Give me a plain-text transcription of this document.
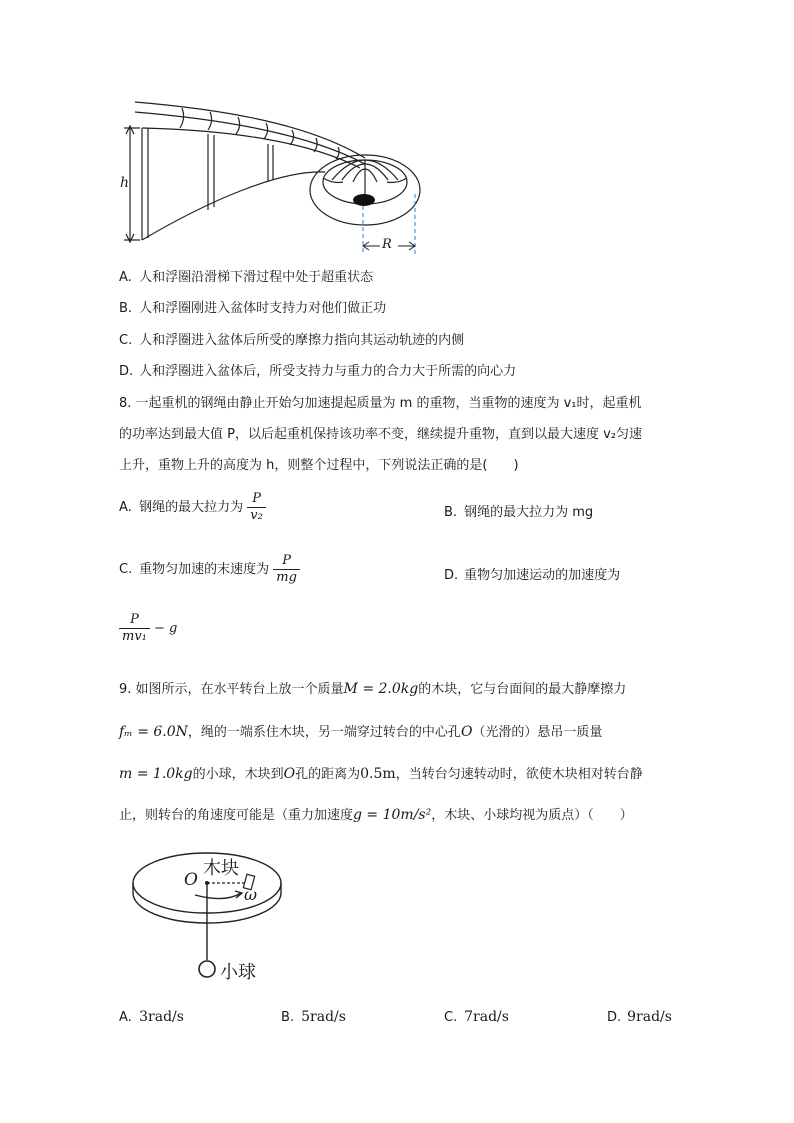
h
R
A. 人和浮圈沿滑梯下滑过程中处于超重状态
B. 人和浮圈刚进入盆体时支持力对他们做正功
C. 人和浮圈进入盆体后所受的摩擦力指向其运动轨迹的内侧
D. 人和浮圈进入盆体后，所受支持力与重力的合力大于所需的向心力
8. 一起重机的钢绳由静止开始匀加速提起质量为 m 的重物，当重物的速度为 v₁时，起重机
的功率达到最大值 P，以后起重机保持该功率不变，继续提升重物，直到以最大速度 v₂匀速
上升，重物上升的高度为 h，则整个过程中，下列说法正确的是(　　)
A. 钢绳的最大拉力为 $\frac{P}{\text{v₂}}$	B. 钢绳的最大拉力为 mg
C. 重物匀加速的末速度为 $\frac{P}{mg}$	D. 重物匀加速运动的加速度为
$\frac{P}{\text{mv₁}} - g$
9. 如图所示，在水平转台上放一个质量M = 2.0kg的木块，它与台面间的最大静摩擦力
fₘ = 6.0N，绳的一端系住木块，另一端穿过转台的中心孔O（光滑的）悬吊一质量
m = 1.0kg的小球，木块到O孔的距离为0.5m，当转台匀速转动时，欲使木块相对转台静
止，则转台的角速度可能是（重力加速度g = 10m/s²，木块、小球均视为质点）（　　）
O
木块
ω
小球
A. 3rad/s	B. 5rad/s	C. 7rad/s	D. 9rad/s
